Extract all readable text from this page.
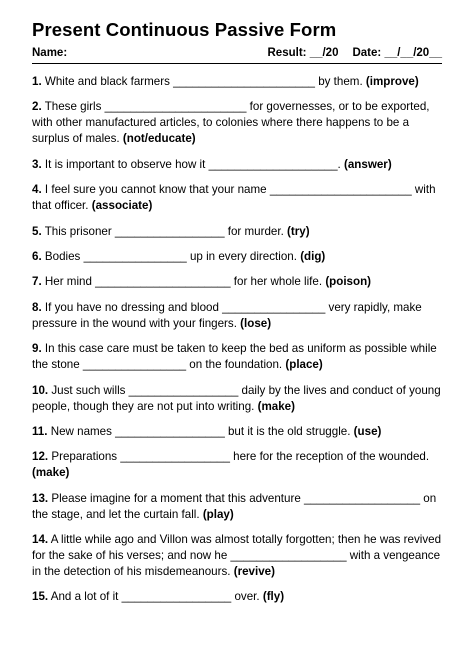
Present Continuous Passive Form
Name:	Result: __/20 Date: __/__/20__

1. White and black farmers ______________________ by them. (improve)

2. These girls ______________________ for governesses, or to be exported, with other manufactured articles, to colonies where there happens to be a surplus of males. (not/educate)

3. It is important to observe how it ____________________. (answer)

4. I feel sure you cannot know that your name ______________________ with that officer. (associate)

5. This prisoner _________________ for murder. (try)

6. Bodies ________________ up in every direction. (dig)

7. Her mind _____________________ for her whole life. (poison)

8. If you have no dressing and blood ________________ very rapidly, make pressure in the wound with your fingers. (lose)

9. In this case care must be taken to keep the bed as uniform as possible while the stone ________________ on the foundation. (place)

10. Just such wills _________________ daily by the lives and conduct of young people, though they are not put into writing. (make)

11. New names _________________ but it is the old struggle. (use)

12. Preparations _________________ here for the reception of the wounded. (make)

13. Please imagine for a moment that this adventure __________________ on the stage, and let the curtain fall. (play)

14. A little while ago and Villon was almost totally forgotten; then he was revived for the sake of his verses; and now he __________________ with a vengeance in the detection of his misdemeanours. (revive)

15. And a lot of it _________________ over. (fly)
